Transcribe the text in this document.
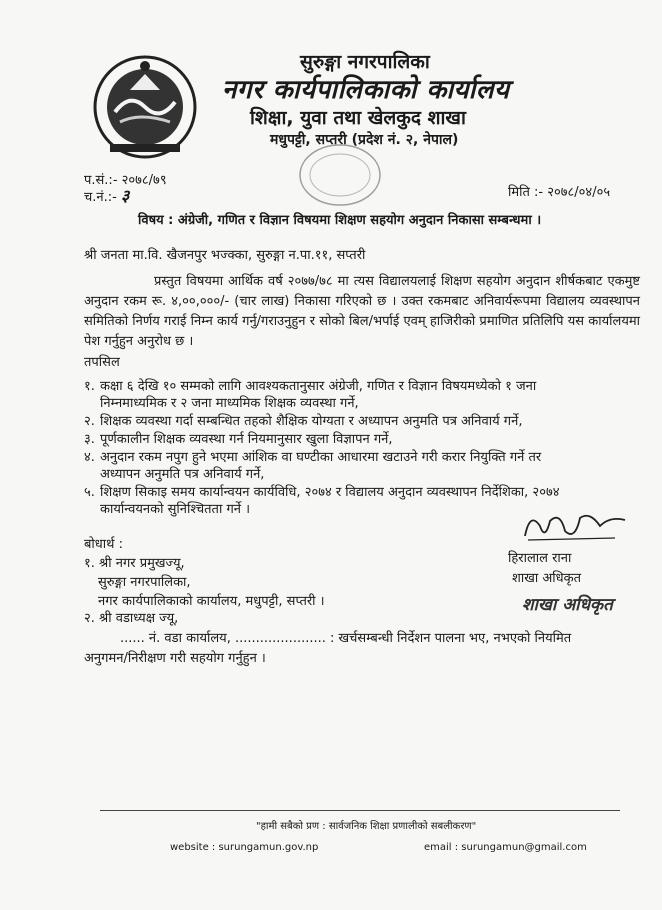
सुरुङ्गा नगरपालिका
नगर कार्यपालिकाको कार्यालय
शिक्षा, युवा तथा खेलकुद शाखा
मधुपट्टी, सप्तरी (प्रदेश नं. २, नेपाल)
प.सं.:- २०७८/७९
च.नं.:- ३	मिति :- २०७८/०४/०५
विषय : अंग्रेजी, गणित र विज्ञान विषयमा शिक्षण सहयोग अनुदान निकासा सम्बन्धमा ।
श्री जनता मा.वि. खैजनपुर भज्क्का, सुरुङ्गा न.पा.११, सप्तरी
प्रस्तुत विषयमा आर्थिक वर्ष २०७७/७८ मा त्यस विद्यालयलाई शिक्षण सहयोग अनुदान शीर्षकबाट एकमुष्ट अनुदान रकम रू. ४,००,०००/- (चार लाख) निकासा गरिएको छ । उक्त रकमबाट अनिवार्यरूपमा विद्यालय व्यवस्थापन समितिको निर्णय गराई निम्न कार्य गर्नु/गराउनुहुन र सोको बिल/भर्पाई एवम् हाजिरीको प्रमाणित प्रतिलिपि यस कार्यालयमा पेश गर्नुहुन अनुरोध छ ।
तपसिल
१. कक्षा ६ देखि १० सम्मको लागि आवश्यकतानुसार अंग्रेजी, गणित र विज्ञान विषयमध्येको १ जना
निम्नमाध्यमिक र २ जना माध्यमिक शिक्षक व्यवस्था गर्ने,
२. शिक्षक व्यवस्था गर्दा सम्बन्धित तहको शैक्षिक योग्यता र अध्यापन अनुमति पत्र अनिवार्य गर्ने,
३. पूर्णकालीन शिक्षक व्यवस्था गर्न नियमानुसार खुला विज्ञापन गर्ने,
४. अनुदान रकम नपुग हुने भएमा आंशिक वा घण्टीका आधारमा खटाउने गरी करार नियुक्ति गर्ने तर
अध्यापन अनुमति पत्र अनिवार्य गर्ने,
५. शिक्षण सिकाइ समय कार्यान्वयन कार्यविधि, २०७४ र विद्यालय अनुदान व्यवस्थापन निर्देशिका, २०७४
कार्यान्वयनको सुनिश्चितता गर्ने ।
हिरालाल राना
शाखा अधिकृत
शाखा अधिकृत
बोधार्थ :
१. श्री नगर प्रमुखज्यू,
सुरुङ्गा नगरपालिका,
नगर कार्यपालिकाको कार्यालय, मधुपट्टी, सप्तरी ।
२. श्री वडाध्यक्ष ज्यू,
...... नं. वडा कार्यालय, ...................... : खर्चसम्बन्धी निर्देशन पालना भए, नभएको नियमित
अनुगमन/निरीक्षण गरी सहयोग गर्नुहुन ।
"हामी सबैको प्रण : सार्वजनिक शिक्षा प्रणालीको सबलीकरण"
website : surungamun.gov.np	email : surungamun@gmail.com
